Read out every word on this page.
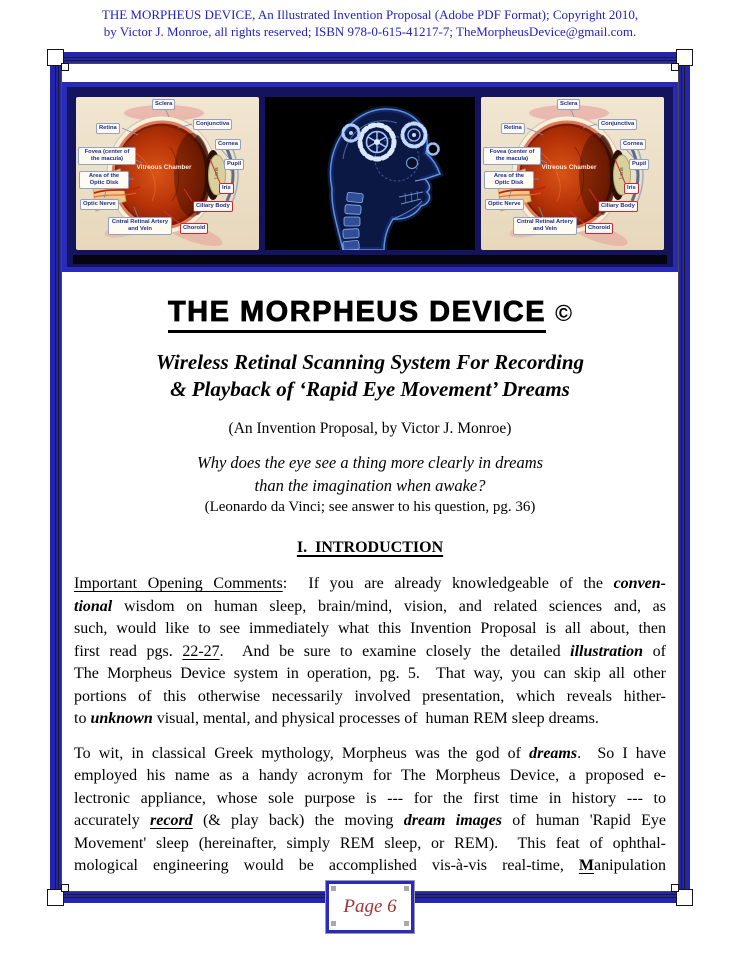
THE MORPHEUS DEVICE, An Illustrated Invention Proposal (Adobe PDF Format); Copyright 2010,
by Victor J. Monroe, all rights reserved; ISBN 978-0-615-41217-7; TheMorpheusDevice@gmail.com.
Sclera
Retina
Conjunctiva
Cornea
Fovea (center of the macula)
Area of the Optic Disk
Pupil
Iris
Optic Nerve	Ciliary Body
Cntral Retinal Artery and Vein	Choroid
Vitreous Chamber	Lens
Sclera
Retina
Conjunctiva
Cornea
Fovea (center of the macula)
Area of the Optic Disk
Pupil
Iris
Optic Nerve	Ciliary Body
Cntral Retinal Artery and Vein	Choroid
Vitreous Chamber	Lens
THE MORPHEUS DEVICE ©
Wireless Retinal Scanning System For Recording
& Playback of ‘Rapid Eye Movement’ Dreams
(An Invention Proposal, by Victor J. Monroe)
Why does the eye see a thing more clearly in dreams
than the imagination when awake?
(Leonardo da Vinci; see answer to his question, pg. 36)
I.  INTRODUCTION
Important Opening Comments:  If you are already knowledgeable of the conven-
tional wisdom on human sleep, brain/mind, vision, and related sciences and, as
such, would like to see immediately what this Invention Proposal is all about, then
first read pgs. 22-27.  And be sure to examine closely the detailed illustration of
The Morpheus Device system in operation, pg. 5.  That way, you can skip all other
portions of this otherwise necessarily involved presentation, which reveals hither-
to unknown visual, mental, and physical processes of  human REM sleep dreams.
To wit, in classical Greek mythology, Morpheus was the god of dreams.  So I have
employed his name as a handy acronym for The Morpheus Device, a proposed e-
lectronic appliance, whose sole purpose is --- for the first time in history --- to
accurately record (& play back) the moving dream images of human 'Rapid Eye
Movement' sleep (hereinafter, simply REM sleep, or REM).  This feat of ophthal-
mological engineering would be accomplished vis-à-vis real-time, Manipulation
Page 6
